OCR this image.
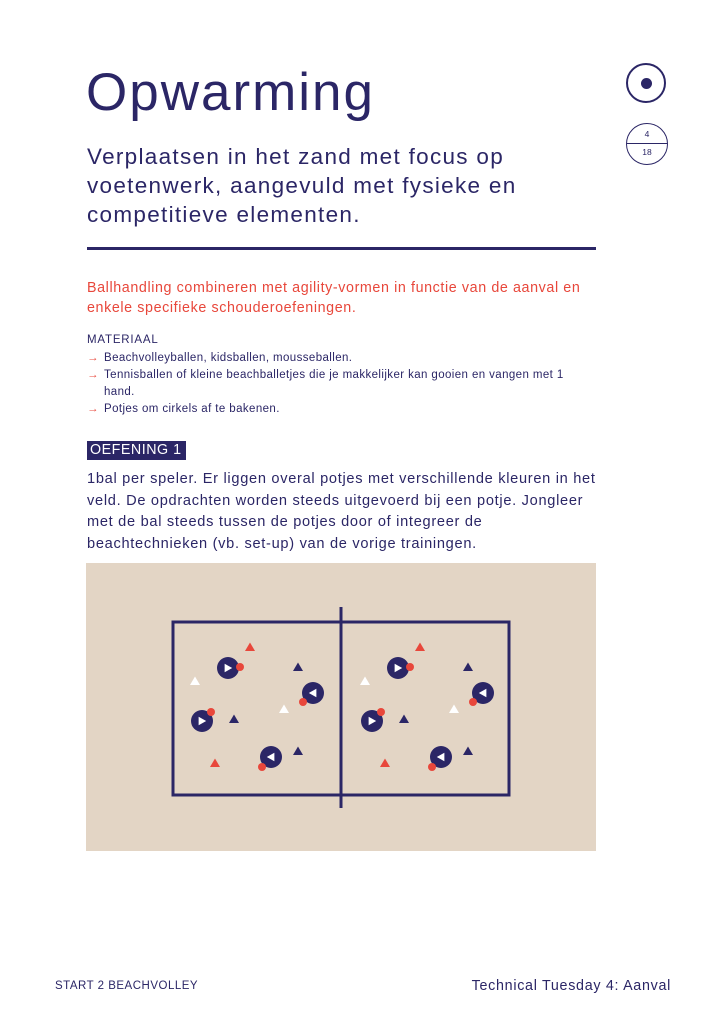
Opwarming

Verplaatsen in het zand met focus op voetenwerk, aangevuld met fysieke en competitieve elementen.

4
18

Ballhandling combineren met agility-vormen in functie van de aanval en enkele specifieke schouderoefeningen.

MATERIAAL
→ Beachvolleyballen, kidsballen, mousseballen.
→ Tennisballen of kleine beachballetjes die je makkelijker kan gooien en vangen met 1 hand.
→ Potjes om cirkels af te bakenen.
OEFENING 1

1bal per speler. Er liggen overal potjes met verschillende kleuren in het veld. De opdrachten worden steeds uitgevoerd bij een potje. Jongleer met de bal steeds tussen de potjes door of integreer de beachtechnieken (vb. set-up) van de vorige trainingen.

START 2 BEACHVOLLEY	Technical Tuesday 4: Aanval
